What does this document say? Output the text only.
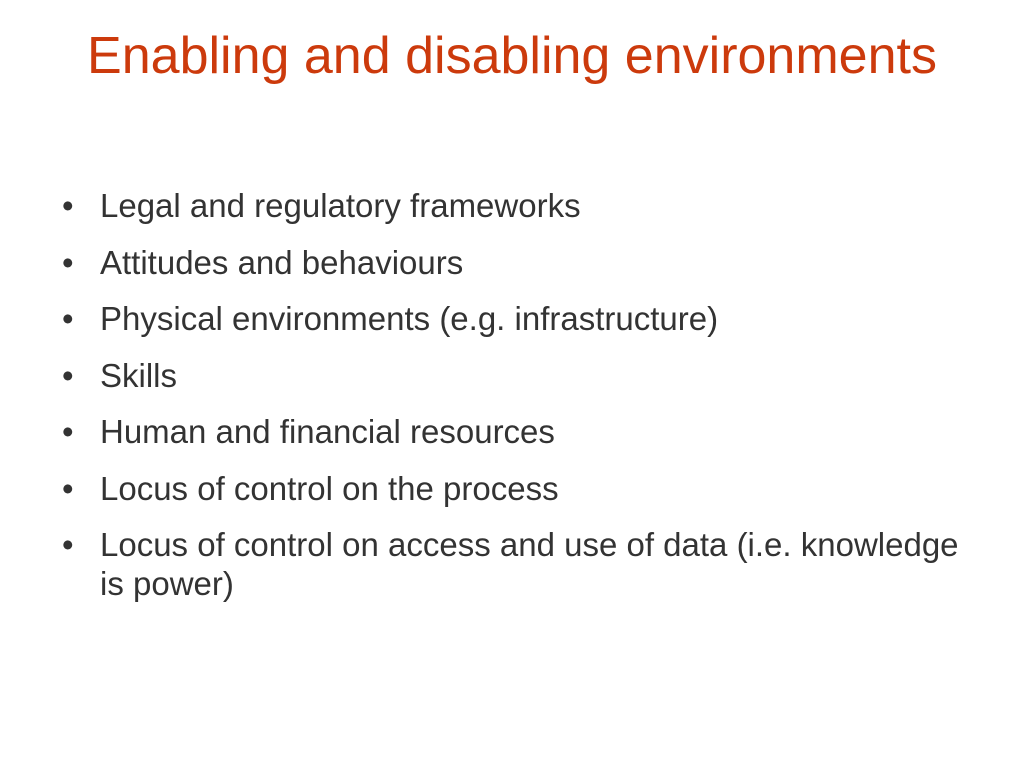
Enabling and disabling environments
• Legal and regulatory frameworks
• Attitudes and behaviours
• Physical environments (e.g. infrastructure)
• Skills
• Human and financial resources
• Locus of control on the process
• Locus of control on access and use of data (i.e. knowledge is power)
